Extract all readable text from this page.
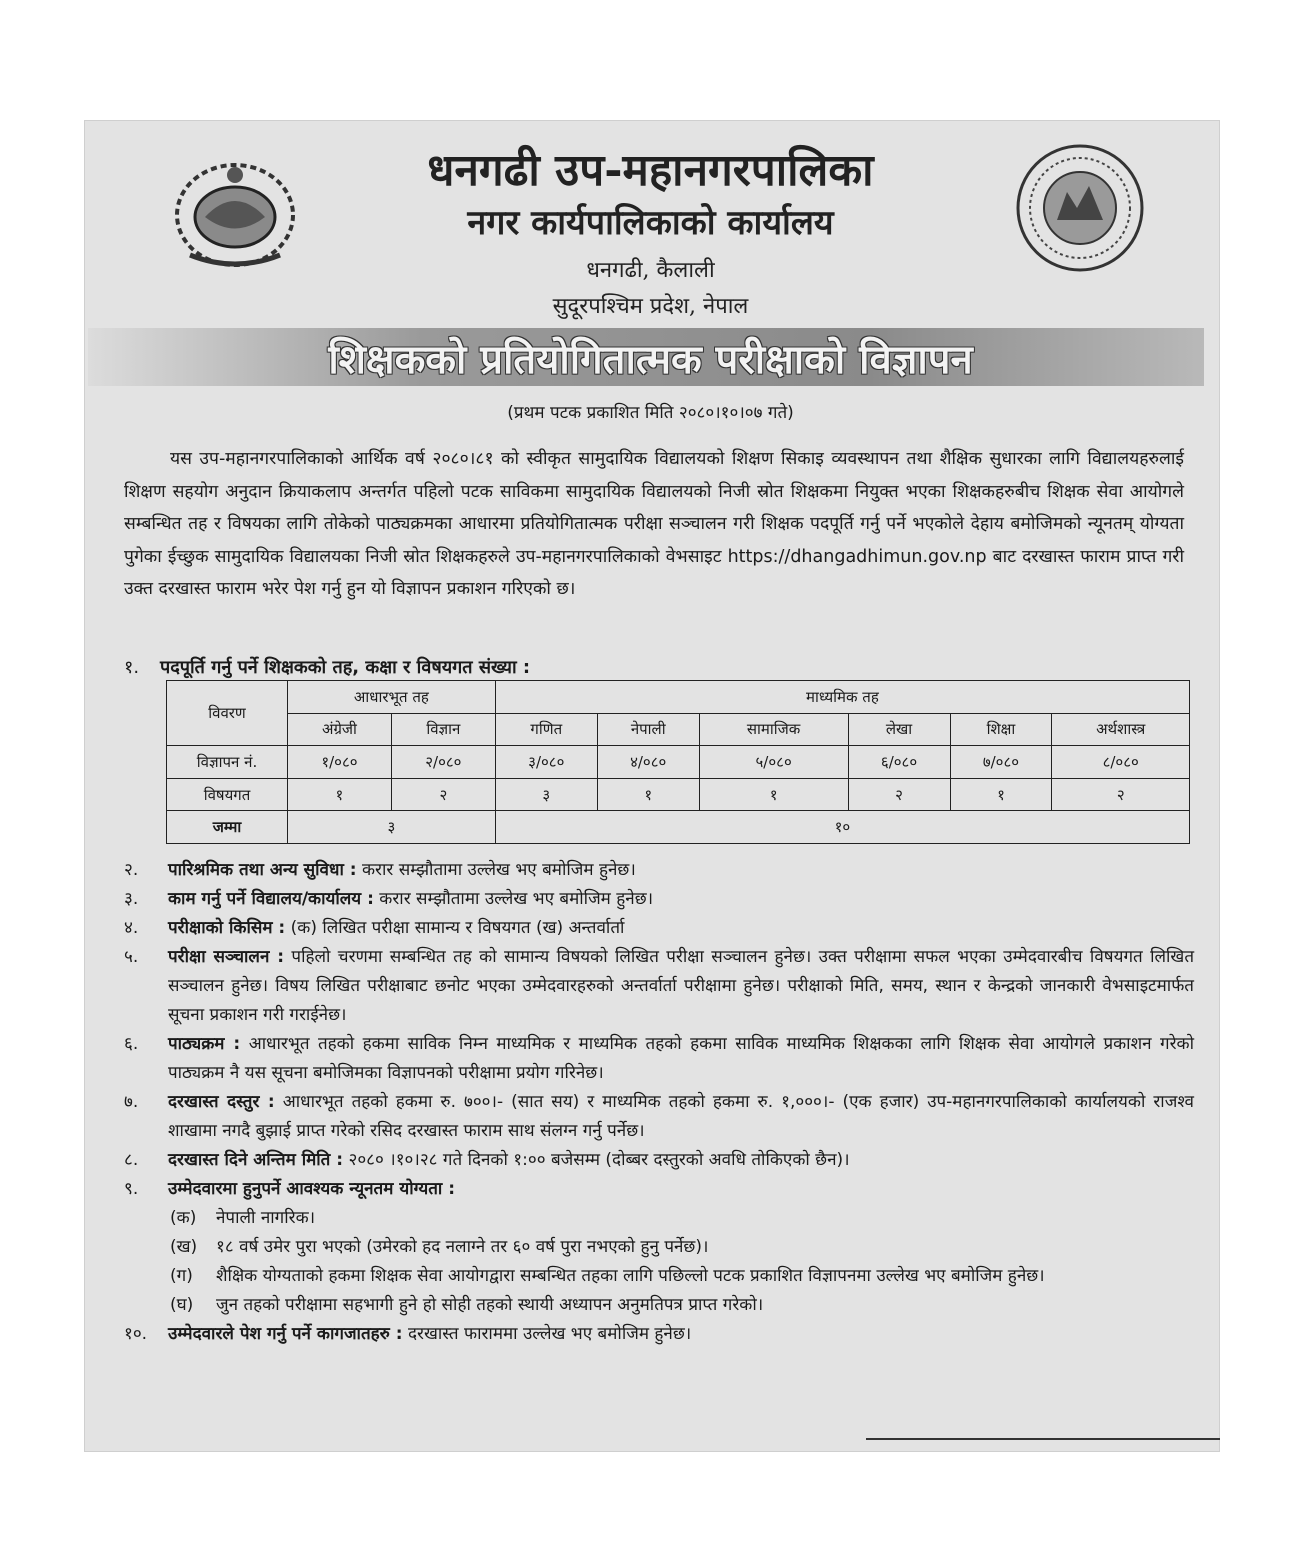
धनगढी उप-महानगरपालिका
नगर कार्यपालिकाको कार्यालय
धनगढी, कैलाली
सुदूरपश्चिम प्रदेश, नेपाल
शिक्षकको प्रतियोगितात्मक परीक्षाको विज्ञापन
(प्रथम पटक प्रकाशित मिति २०८०।१०।०७ गते)
यस उप-महानगरपालिकाको आर्थिक वर्ष २०८०।८१ को स्वीकृत सामुदायिक विद्यालयको शिक्षण सिकाइ व्यवस्थापन तथा शैक्षिक सुधारका लागि विद्यालयहरुलाई शिक्षण सहयोग अनुदान क्रियाकलाप अन्तर्गत पहिलो पटक साविकमा सामुदायिक विद्यालयको निजी स्रोत शिक्षकमा नियुक्त भएका शिक्षकहरुबीच शिक्षक सेवा आयोगले सम्बन्धित तह र विषयका लागि तोकेको पाठ्यक्रमका आधारमा प्रतियोगितात्मक परीक्षा सञ्चालन गरी शिक्षक पदपूर्ति गर्नु पर्ने भएकोले देहाय बमोजिमको न्यूनतम् योग्यता पुगेका ईच्छुक सामुदायिक विद्यालयका निजी स्रोत शिक्षकहरुले उप-महानगरपालिकाको वेभसाइट https://dhangadhimun.gov.np बाट दरखास्त फाराम प्राप्त गरी उक्त दरखास्त फाराम भरेर पेश गर्नु हुन यो विज्ञापन प्रकाशन गरिएको छ।
१. पदपूर्ति गर्नु पर्ने शिक्षकको तह, कक्षा र विषयगत संख्या :
विवरण	आधारभूत तह		माध्यमिक तह					
	अंग्रेजी	विज्ञान	गणित	नेपाली	सामाजिक	लेखा	शिक्षा	अर्थशास्त्र
विज्ञापन नं.	१/०८०	२/०८०	३/०८०	४/०८०	५/०८०	६/०८०	७/०८०	८/०८०
विषयगत	१	२	३	१	१	२	१	२
जम्मा	३		१०					
२.	पारिश्रमिक तथा अन्य सुविधा : करार सम्झौतामा उल्लेख भए बमोजिम हुनेछ।
३.	काम गर्नु पर्ने विद्यालय/कार्यालय : करार सम्झौतामा उल्लेख भए बमोजिम हुनेछ।
४.	परीक्षाको किसिम : (क) लिखित परीक्षा सामान्य र विषयगत (ख) अन्तर्वार्ता
५.	परीक्षा सञ्चालन : पहिलो चरणमा सम्बन्धित तह को सामान्य विषयको लिखित परीक्षा सञ्चालन हुनेछ। उक्त परीक्षामा सफल भएका उम्मेदवारबीच विषयगत लिखित सञ्चालन हुनेछ। विषय लिखित परीक्षाबाट छनोट भएका उम्मेदवारहरुको अन्तर्वार्ता परीक्षामा हुनेछ। परीक्षाको मिति, समय, स्थान र केन्द्रको जानकारी वेभसाइटमार्फत सूचना प्रकाशन गरी गराईनेछ।
६.	पाठ्यक्रम : आधारभूत तहको हकमा साविक निम्न माध्यमिक र माध्यमिक तहको हकमा साविक माध्यमिक शिक्षकका लागि शिक्षक सेवा आयोगले प्रकाशन गरेको पाठ्यक्रम नै यस सूचना बमोजिमका विज्ञापनको परीक्षामा प्रयोग गरिनेछ।
७.	दरखास्त दस्तुर : आधारभूत तहको हकमा रु. ७००।- (सात सय) र माध्यमिक तहको हकमा रु. १,०००।- (एक हजार) उप-महानगरपालिकाको कार्यालयको राजश्व शाखामा नगदै बुझाई प्राप्त गरेको रसिद दरखास्त फाराम साथ संलग्न गर्नु पर्नेछ।
८.	दरखास्त दिने अन्तिम मिति : २०८० ।१०।२८ गते दिनको १:०० बजेसम्म (दोब्बर दस्तुरको अवधि तोकिएको छैन)।
९.	उम्मेदवारमा हुनुपर्ने आवश्यक न्यूनतम योग्यता :
(क)	नेपाली नागरिक।
(ख)	१८ वर्ष उमेर पुरा भएको (उमेरको हद नलाग्ने तर ६० वर्ष पुरा नभएको हुनु पर्नेछ)।
(ग)	शैक्षिक योग्यताको हकमा शिक्षक सेवा आयोगद्वारा सम्बन्धित तहका लागि पछिल्लो पटक प्रकाशित विज्ञापनमा उल्लेख भए बमोजिम हुनेछ।
(घ)	जुन तहको परीक्षामा सहभागी हुने हो सोही तहको स्थायी अध्यापन अनुमतिपत्र प्राप्त गरेको।
१०.	उम्मेदवारले पेश गर्नु पर्ने कागजातहरु : दरखास्त फाराममा उल्लेख भए बमोजिम हुनेछ।
